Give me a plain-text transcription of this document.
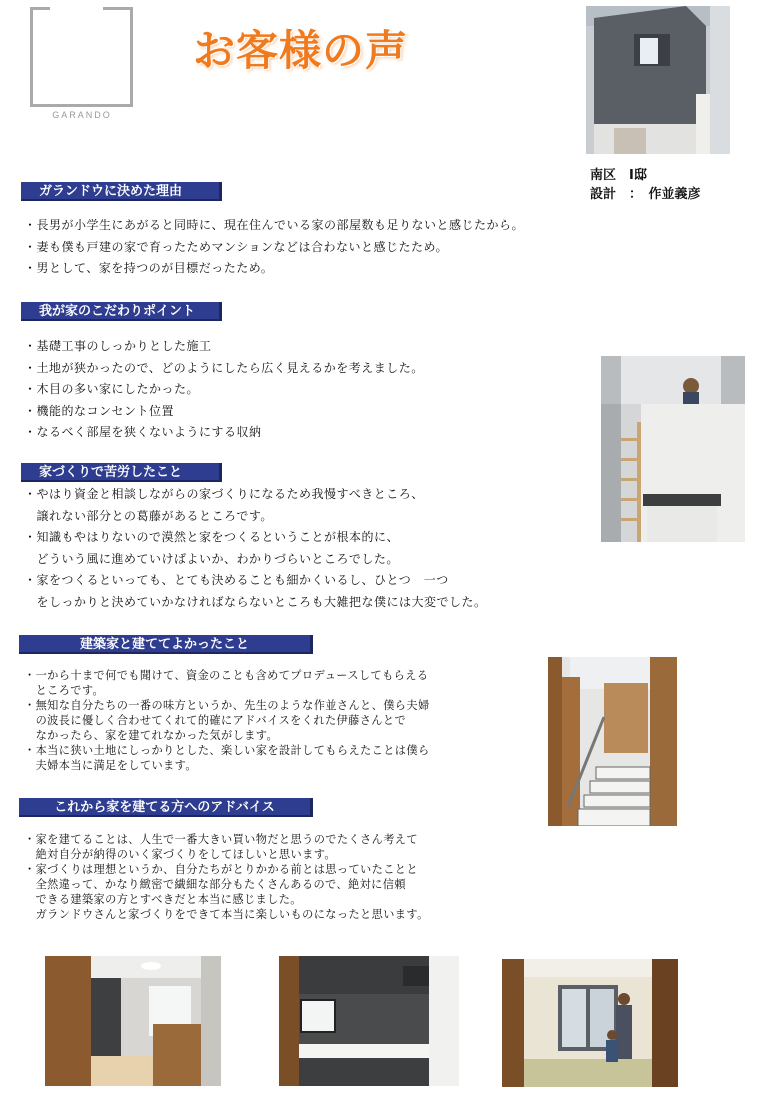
GARANDO
お客様の声
南区　I邸
設計　：　作並義彦
ガランドウに決めた理由
・長男が小学生にあがると同時に、現在住んでいる家の部屋数も足りないと感じたから。
・妻も僕も戸建の家で育ったためマンションなどは合わないと感じたため。
・男として、家を持つのが目標だったため。
我が家のこだわりポイント
・基礎工事のしっかりとした施工
・土地が狭かったので、どのようにしたら広く見えるかを考えました。
・木目の多い家にしたかった。
・機能的なコンセント位置
・なるべく部屋を狭くないようにする収納
家づくりで苦労したこと
・やはり資金と相談しながらの家づくりになるため我慢すべきところ、
　譲れない部分との葛藤があるところです。
・知識もやはりないので漠然と家をつくるということが根本的に、
　どういう風に進めていけばよいか、わかりづらいところでした。
・家をつくるといっても、とても決めることも細かくいるし、ひとつ　一つ
　をしっかりと決めていかなければならないところも大雑把な僕には大変でした。
建築家と建ててよかったこと
・一から十まで何でも聞けて、資金のことも含めてプロデュースしてもらえる
　ところです。
・無知な自分たちの一番の味方というか、先生のような作並さんと、僕ら夫婦
　の波長に優しく合わせてくれて的確にアドバイスをくれた伊藤さんとで
　なかったら、家を建てれなかった気がします。
・本当に狭い土地にしっかりとした、楽しい家を設計してもらえたことは僕ら
　夫婦本当に満足をしています。
これから家を建てる方へのアドバイス
・家を建てることは、人生で一番大きい買い物だと思うのでたくさん考えて
　絶対自分が納得のいく家づくりをしてほしいと思います。
・家づくりは理想というか、自分たちがとりかかる前とは思っていたことと
　全然違って、かなり緻密で繊細な部分もたくさんあるので、絶対に信頼
　できる建築家の方とすべきだと本当に感じました。
　ガランドウさんと家づくりをできて本当に楽しいものになったと思います。
